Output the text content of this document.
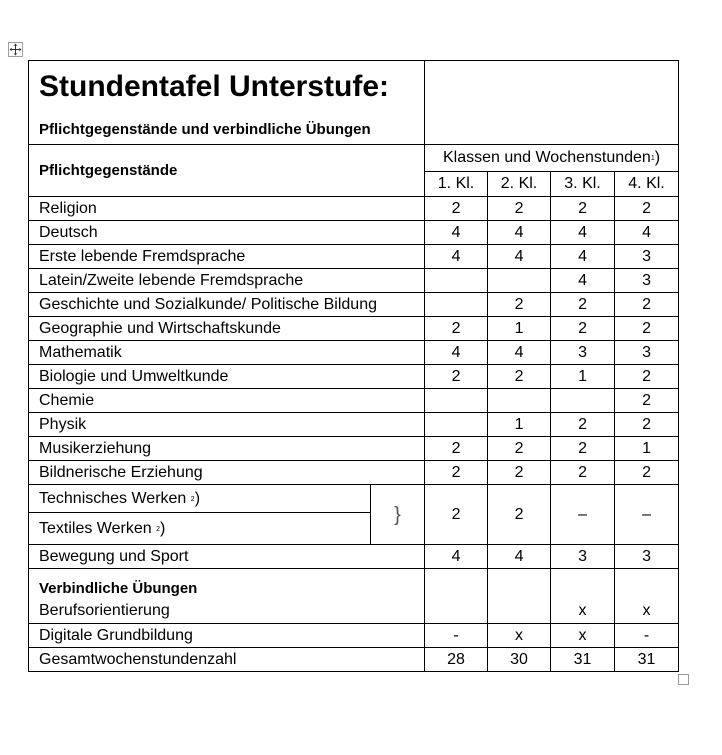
Stundentafel Unterstufe:
Pflichtgegenstände und verbindliche Übungen					

Pflichtgegenstände		Klassen und Wochenstunden$^1$)			
		1. Kl.	2. Kl.	3. Kl.	4. Kl.
Religion		2	2	2	2
Deutsch		4	4	4	4
Erste lebende Fremdsprache		4	4	4	3
Latein/Zweite lebende Fremdsprache				4	3
Geschichte und Sozialkunde/ Politische Bildung			2	2	2
Geographie und Wirtschaftskunde		2	1	2	2
Mathematik		4	4	3	3
Biologie und Umweltkunde		2	2	1	2
Chemie					2
Physik			1	2	2
Musikerziehung		2	2	2	1
Bildnerische Erziehung		2	2	2	2
Technisches Werken $^2$)	}	2	2	–	–
Textiles Werken $^2$)					
Bewegung und Sport		4	4	3	3

Verbindliche Übungen
Berufsorientierung				x	x
Digitale Grundbildung		-	x	x	-
Gesamtwochenstundenzahl		28	30	31	31
